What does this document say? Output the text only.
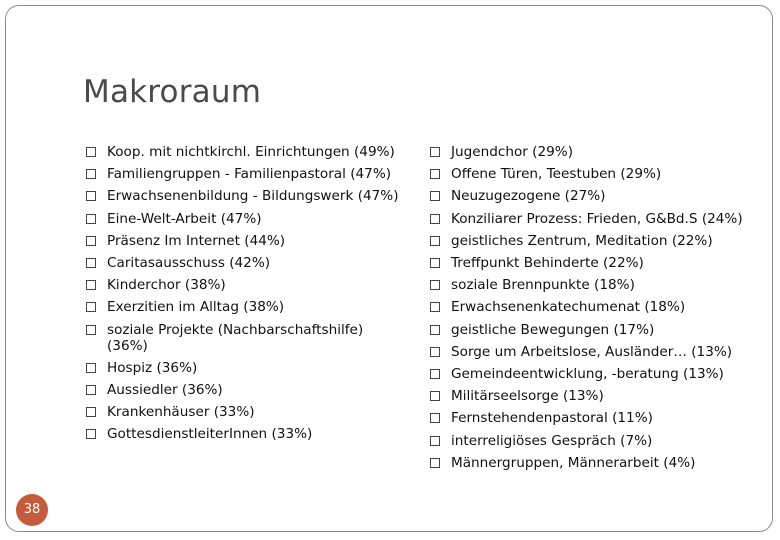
Makroraum
Koop. mit nichtkirchl. Einrichtungen (49%)
Familiengruppen - Familienpastoral (47%)
Erwachsenenbildung - Bildungswerk (47%)
Eine-Welt-Arbeit (47%)
Präsenz Im Internet (44%)
Caritasausschuss (42%)
Kinderchor (38%)
Exerzitien im Alltag (38%)
soziale Projekte (Nachbarschaftshilfe) (36%)
Hospiz (36%)
Aussiedler (36%)
Krankenhäuser (33%)
GottesdienstleiterInnen (33%)
Jugendchor (29%)
Offene Türen, Teestuben (29%)
Neuzugezogene (27%)
Konziliarer Prozess: Frieden, G&Bd.S (24%)
geistliches Zentrum, Meditation (22%)
Treffpunkt Behinderte (22%)
soziale Brennpunkte (18%)
Erwachsenenkatechumenat (18%)
geistliche Bewegungen (17%)
Sorge um Arbeitslose, Ausländer… (13%)
Gemeindeentwicklung, -beratung (13%)
Militärseelsorge (13%)
Fernstehendenpastoral (11%)
interreligiöses Gespräch (7%)
Männergruppen, Männerarbeit (4%)
38
